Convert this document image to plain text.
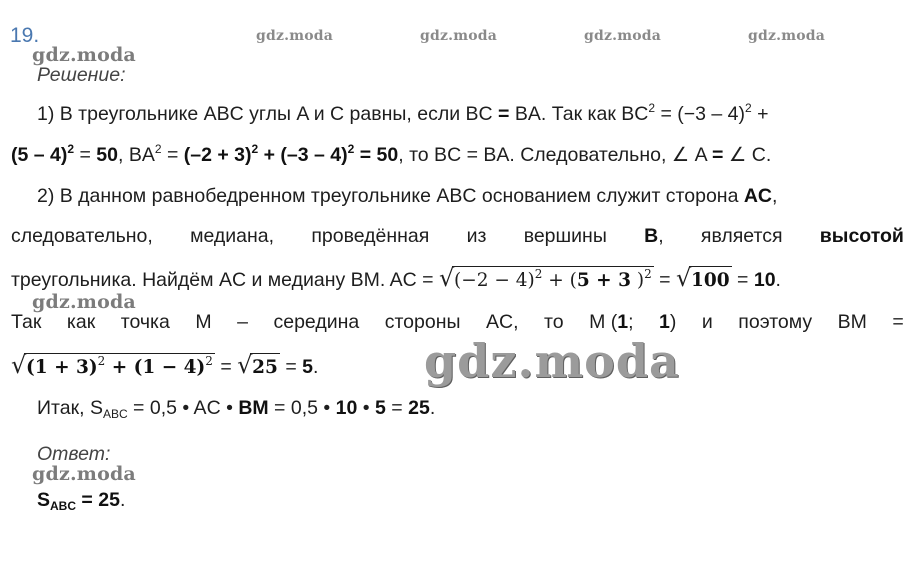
19.	gdz.moda	gdz.moda	gdz.moda	gdz.moda
gdz.moda
gdz.moda
gdz.moda
gdz.moda
Решение:
1) В треугольнике ABC углы A и C равны, если BC = BA. Так как $BC^2 = (-3 - 4)^2$ +
(5 – 4)$^2$ = 50, $BA^2 = (-2 + 3)^2 + (-3 - 4)^2 = 50$, то BC = BA. Следовательно, ∠ A = ∠ C.
2) В данном равнобедренном треугольнике ABC основанием служит сторона AC,
следовательно, медиана, проведённая из вершины B, является высотой
треугольника. Найдём AC и медиану BM. AC = √ $(-2 - 4)^2 + (5 + 3$ )$^2$ = √ 100 = 10.
Так как точка M – середина стороны AC, то M (1; 1) и поэтому BM =
√ $(1 + 3)^2 + (1 - 4)^2$ = √ 25 = 5.
Итак, $S_{ABC} = 0,5$ • AC • BM = 0,5 • 10 • 5 = 25.
Ответ:
$S_{ABC} = 25$.
